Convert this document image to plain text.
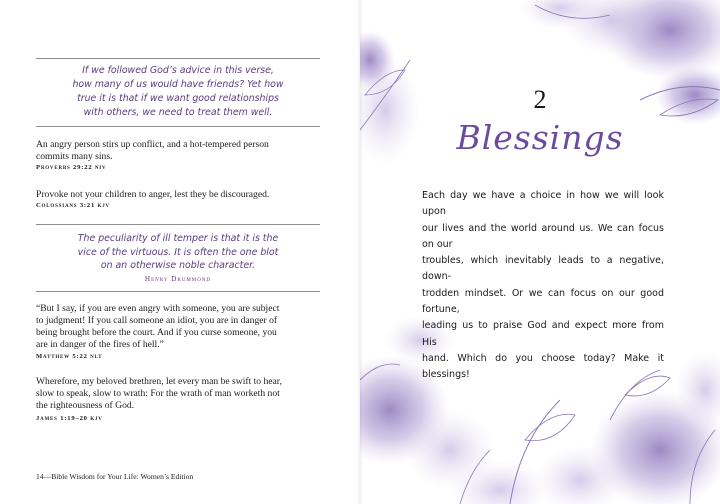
If we followed God’s advice in this verse,
how many of us would have friends? Yet how
true it is that if we want good relationships
with others, we need to treat them well.
An angry person stirs up conflict, and a hot-tempered person
commits many sins.
Proverbs 29:22 niv
Provoke not your children to anger, lest they be discouraged.
Colossians 3:21 kjv
The peculiarity of ill temper is that it is the
vice of the virtuous. It is often the one blot
on an otherwise noble character.
Henry Drummond
“But I say, if you are even angry with someone, you are subject
to judgment! If you call someone an idiot, you are in danger of
being brought before the court. And if you curse someone, you
are in danger of the fires of hell.”
Matthew 5:22 nlt
Wherefore, my beloved brethren, let every man be swift to hear,
slow to speak, slow to wrath: For the wrath of man worketh not
the righteousness of God.
James 1:19–20 kjv
14—Bible Wisdom for Your Life: Women’s Edition
2
Blessings
Each day we have a choice in how we will look upon
our lives and the world around us. We can focus on our
troubles, which inevitably leads to a negative, down-
trodden mindset. Or we can focus on our good fortune,
leading us to praise God and expect more from His
hand. Which do you choose today? Make it blessings!
